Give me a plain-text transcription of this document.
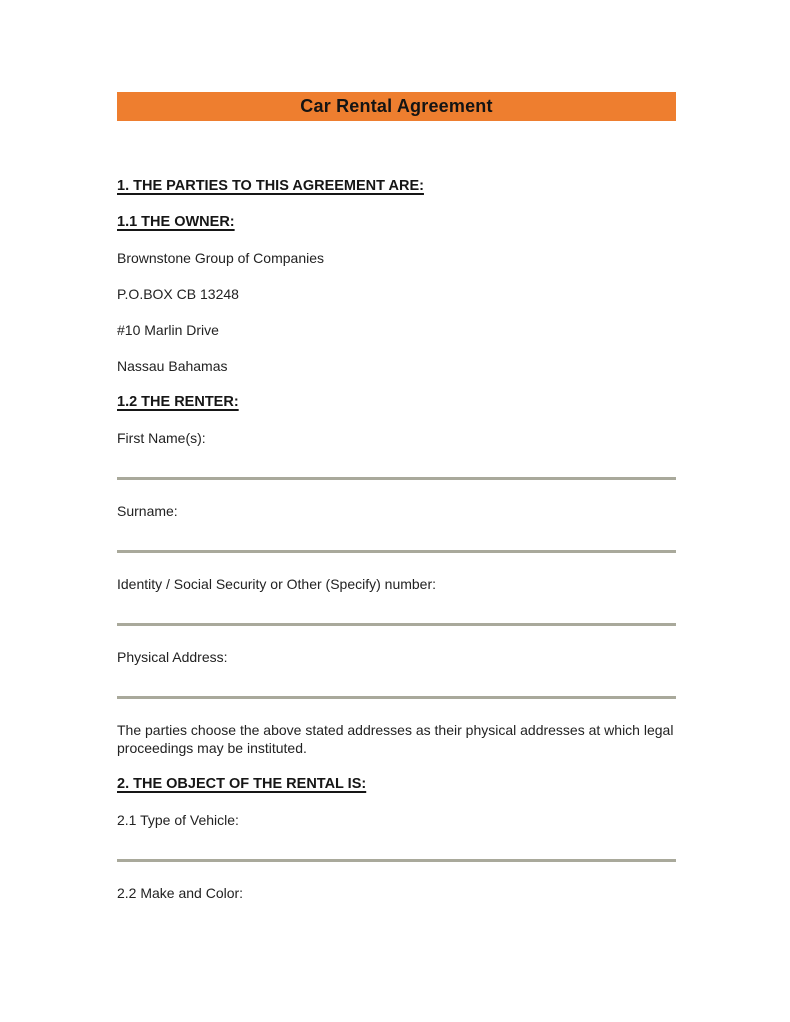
Car Rental Agreement
1. THE PARTIES TO THIS AGREEMENT ARE:
1.1 THE OWNER:

Brownstone Group of Companies

P.O.BOX CB 13248

#10 Marlin Drive

Nassau Bahamas

1.2 THE RENTER:

First Name(s):

Surname:

Identity / Social Security or Other (Specify) number:

Physical Address:

The parties choose the above stated addresses as their physical addresses at which legal proceedings may be instituted.

2. THE OBJECT OF THE RENTAL IS:

2.1 Type of Vehicle:

2.2 Make and Color:
